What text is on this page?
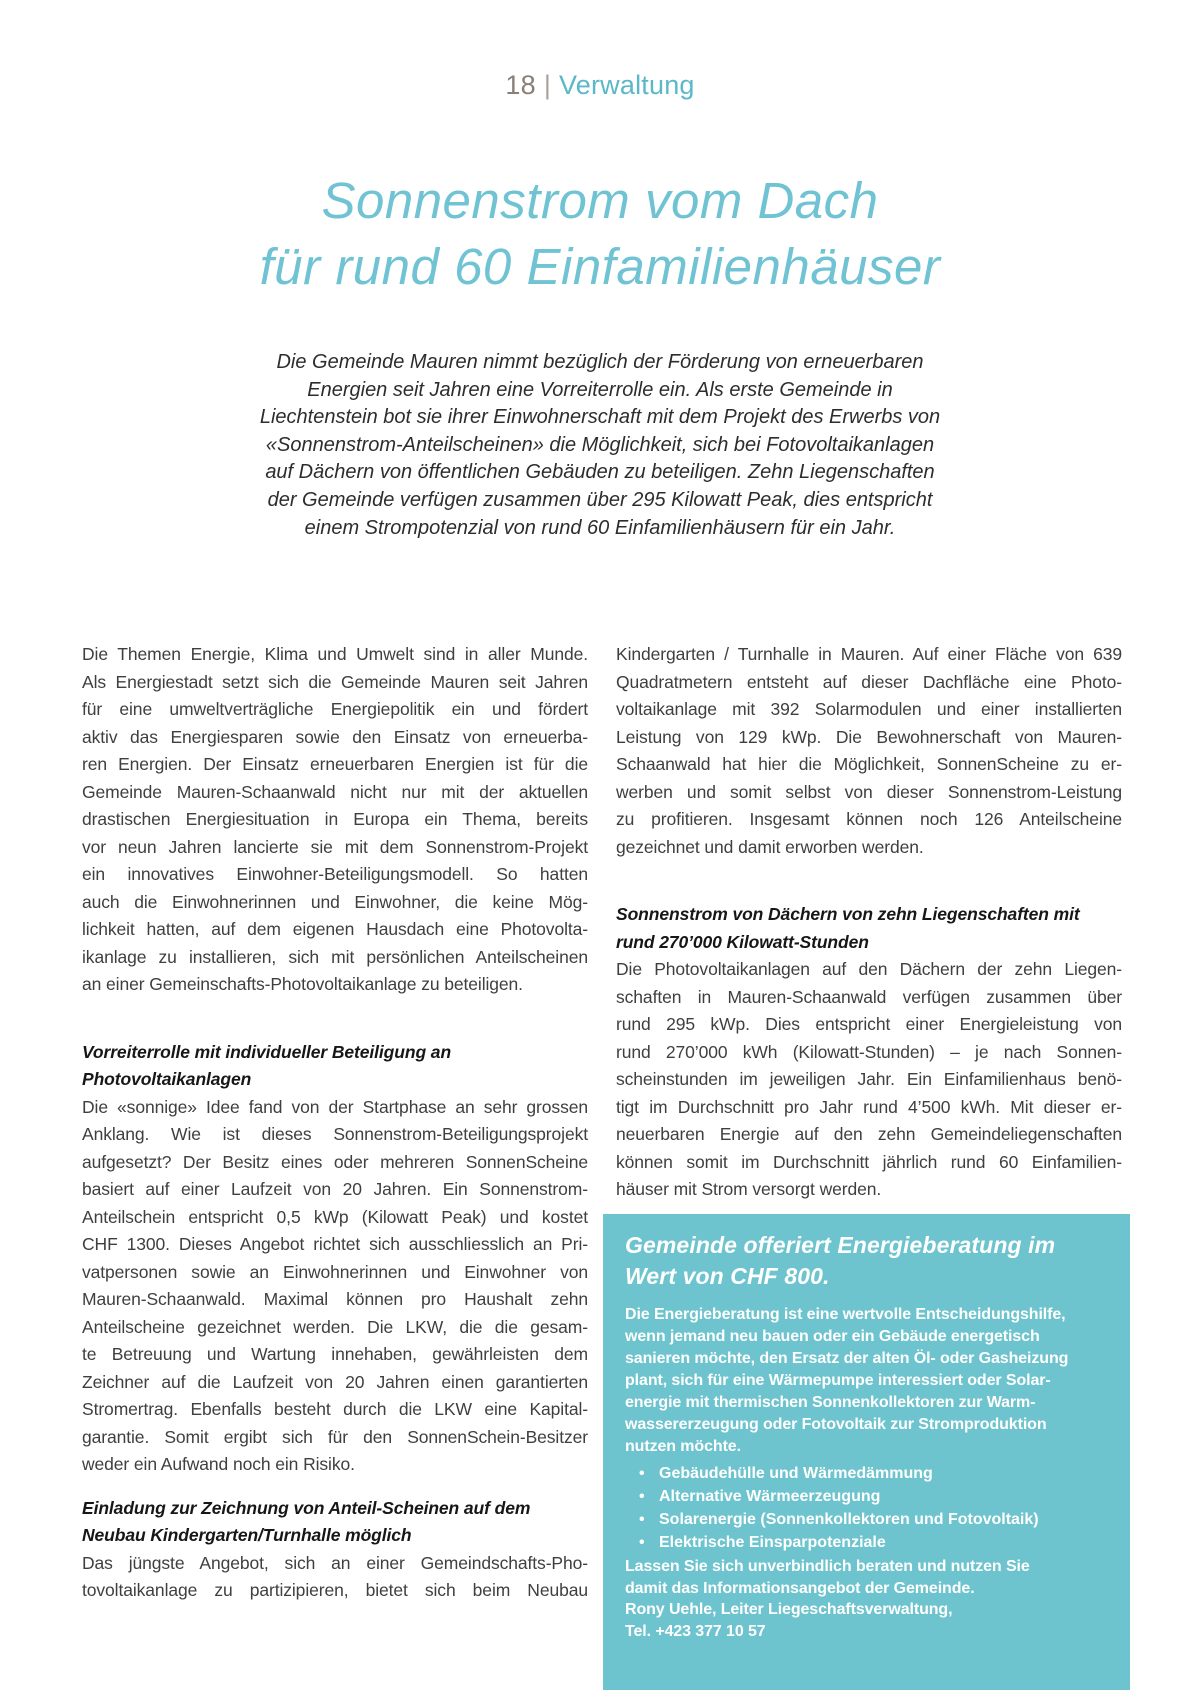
18 | Verwaltung
Sonnenstrom vom Dach
für rund 60 Einfamilienhäuser
Die Gemeinde Mauren nimmt bezüglich der Förderung von erneuerbaren
Energien seit Jahren eine Vorreiterrolle ein. Als erste Gemeinde in
Liechtenstein bot sie ihrer Einwohnerschaft mit dem Projekt des Erwerbs von
«Sonnenstrom-Anteilscheinen» die Möglichkeit, sich bei Fotovoltaikanlagen
auf Dächern von öffentlichen Gebäuden zu beteiligen. Zehn Liegenschaften
der Gemeinde verfügen zusammen über 295 Kilowatt Peak, dies entspricht
einem Strompotenzial von rund 60 Einfamilienhäusern für ein Jahr.
Die Themen Energie, Klima und Umwelt sind in aller Munde.
Als Energiestadt setzt sich die Gemeinde Mauren seit Jahren
für eine umweltverträgliche Energiepolitik ein und fördert
aktiv das Energiesparen sowie den Einsatz von erneuerba-
ren Energien. Der Einsatz erneuerbaren Energien ist für die
Gemeinde Mauren-Schaanwald nicht nur mit der aktuellen
drastischen Energiesituation in Europa ein Thema, bereits
vor neun Jahren lancierte sie mit dem Sonnenstrom-Projekt
ein innovatives Einwohner-Beteiligungsmodell. So hatten
auch die Einwohnerinnen und Einwohner, die keine Mög-
lichkeit hatten, auf dem eigenen Hausdach eine Photovolta-
ikanlage zu installieren, sich mit persönlichen Anteilscheinen
an einer Gemeinschafts-Photovoltaikanlage zu beteiligen.
Vorreiterrolle mit individueller Beteiligung an
Photovoltaikanlagen
Die «sonnige» Idee fand von der Startphase an sehr grossen
Anklang. Wie ist dieses Sonnenstrom-Beteiligungsprojekt
aufgesetzt? Der Besitz eines oder mehreren SonnenScheine
basiert auf einer Laufzeit von 20 Jahren. Ein Sonnenstrom-
Anteilschein entspricht 0,5 kWp (Kilowatt Peak) und kostet
CHF 1300. Dieses Angebot richtet sich ausschliesslich an Pri-
vatpersonen sowie an Einwohnerinnen und Einwohner von
Mauren-Schaanwald. Maximal können pro Haushalt zehn
Anteilscheine gezeichnet werden. Die LKW, die die gesam-
te Betreuung und Wartung innehaben, gewährleisten dem
Zeichner auf die Laufzeit von 20 Jahren einen garantierten
Stromertrag. Ebenfalls besteht durch die LKW eine Kapital-
garantie. Somit ergibt sich für den SonnenSchein-Besitzer
weder ein Aufwand noch ein Risiko.
Einladung zur Zeichnung von Anteil-Scheinen auf dem
Neubau Kindergarten/Turnhalle möglich
Das jüngste Angebot, sich an einer Gemeindschafts-Pho-
tovoltaikanlage zu partizipieren, bietet sich beim Neubau
Kindergarten / Turnhalle in Mauren. Auf einer Fläche von 639
Quadratmetern entsteht auf dieser Dachfläche eine Photo-
voltaikanlage mit 392 Solarmodulen und einer installierten
Leistung von 129 kWp. Die Bewohnerschaft von Mauren-
Schaanwald hat hier die Möglichkeit, SonnenScheine zu er-
werben und somit selbst von dieser Sonnenstrom-Leistung
zu profitieren. Insgesamt können noch 126 Anteilscheine
gezeichnet und damit erworben werden.
Sonnenstrom von Dächern von zehn Liegenschaften mit
rund 270’000 Kilowatt-Stunden
Die Photovoltaikanlagen auf den Dächern der zehn Liegen-
schaften in Mauren-Schaanwald verfügen zusammen über
rund 295 kWp. Dies entspricht einer Energieleistung von
rund 270’000 kWh (Kilowatt-Stunden) – je nach Sonnen-
scheinstunden im jeweiligen Jahr. Ein Einfamilienhaus benö-
tigt im Durchschnitt pro Jahr rund 4’500 kWh. Mit dieser er-
neuerbaren Energie auf den zehn Gemeindeliegenschaften
können somit im Durchschnitt jährlich rund 60 Einfamilien-
häuser mit Strom versorgt werden.
Gemeinde offeriert Energieberatung im
Wert von CHF 800.
Die Energieberatung ist eine wertvolle Entscheidungshilfe,
wenn jemand neu bauen oder ein Gebäude energetisch
sanieren möchte, den Ersatz der alten Öl- oder Gasheizung
plant, sich für eine Wärmepumpe interessiert oder Solar-
energie mit thermischen Sonnenkollektoren zur Warm-
wassererzeugung oder Fotovoltaik zur Stromproduktion
nutzen möchte.
• Gebäudehülle und Wärmedämmung
• Alternative Wärmeerzeugung
• Solarenergie (Sonnenkollektoren und Fotovoltaik)
• Elektrische Einsparpotenziale
Lassen Sie sich unverbindlich beraten und nutzen Sie
damit das Informationsangebot der Gemeinde.
Rony Uehle, Leiter Liegeschaftsverwaltung,
Tel. +423 377 10 57
